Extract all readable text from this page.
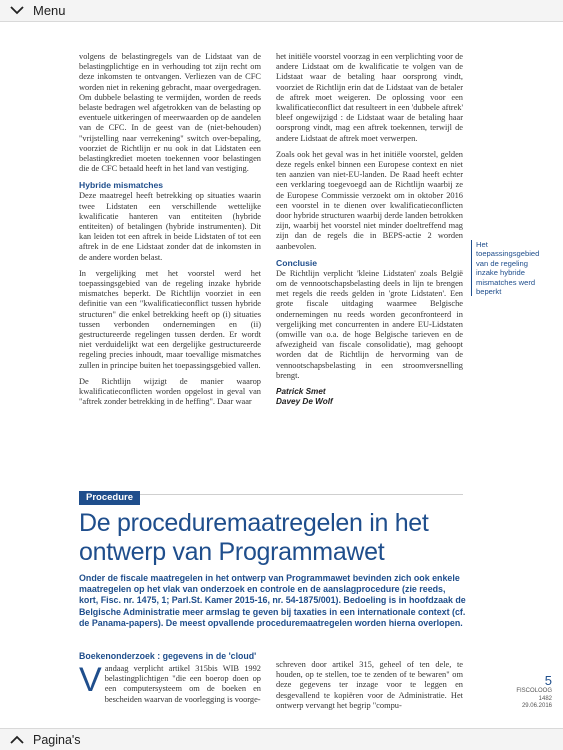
Menu

volgens de belastingregels van de Lidstaat van de belastingplichtige en in verhouding tot zijn recht om deze inkomsten te ontvangen. Verliezen van de CFC worden niet in rekening gebracht, maar overgedragen. Om dubbele belasting te vermijden, worden de reeds belaste bedragen wel afgetrokken van de belasting op eventuele uitkeringen of meerwaarden op de aandelen van de CFC. In de geest van de (niet-behouden) "vrijstelling naar verrekening" switch over-bepaling, voorziet de Richtlijn er nu ook in dat Lidstaten een belastingkrediet moeten toekennen voor belastingen die de CFC betaald heeft in het land van vestiging.

Hybride mismatches

Deze maatregel heeft betrekking op situaties waarin twee Lidstaten een verschillende wettelijke kwalificatie hanteren van entiteiten (hybride entiteiten) of betalingen (hybride instrumenten). Dit kan leiden tot een aftrek in beide Lidstaten of tot een aftrek in de ene Lidstaat zonder dat de inkomsten in de andere worden belast.

In vergelijking met het voorstel werd het toepassingsgebied van de regeling inzake hybride mismatches beperkt. De Richtlijn voorziet in een definitie van een "kwalificatieconflict tussen hybride structuren" die enkel betrekking heeft op (i) situaties tussen verbonden ondernemingen en (ii) gestructureerde regelingen tussen derden. Er wordt niet verduidelijkt wat een dergelijke gestructureerde regeling precies inhoudt, maar toevallige mismatches zullen in principe buiten het toepassingsgebied vallen.

De Richtlijn wijzigt de manier waarop kwalificatieconflicten worden opgelost in geval van "aftrek zonder betrekking in de heffing". Daar waar

het initiële voorstel voorzag in een verplichting voor de andere Lidstaat om de kwalificatie te volgen van de Lidstaat waar de betaling haar oorsprong vindt, voorziet de Richtlijn erin dat de Lidstaat van de betaler de aftrek moet weigeren. De oplossing voor een kwalificatieconflict dat resulteert in een 'dubbele aftrek' bleef ongewijzigd : de Lidstaat waar de betaling haar oorsprong vindt, mag een aftrek toekennen, terwijl de andere Lidstaat de aftrek moet verwerpen.

Zoals ook het geval was in het initiële voorstel, gelden deze regels enkel binnen een Europese context en niet ten aanzien van niet-EU-landen. De Raad heeft echter een verklaring toegevoegd aan de Richtlijn waarbij ze de Europese Commissie verzoekt om in oktober 2016 een voorstel in te dienen over kwalificatieconflicten door hybride structuren waarbij derde landen betrokken zijn, waarbij het voorstel niet minder doeltreffend mag zijn dan de regels die in BEPS-actie 2 worden aanbevolen.

Conclusie

De Richtlijn verplicht 'kleine Lidstaten' zoals België om de vennootschapsbelasting deels in lijn te brengen met regels die reeds gelden in 'grote Lidstaten'. Een grote fiscale uitdaging waarmee Belgische ondernemingen nu reeds worden geconfronteerd in vergelijking met concurrenten in andere EU-Lidstaten (omwille van o.a. de hoge Belgische tarieven en de afwezigheid van fiscale consolidatie), mag gehoopt worden dat de Richtlijn de hervorming van de vennootschapsbelasting in een stroomversnelling brengt.

Patrick Smet
Davey De Wolf
Het toepassingsgebied van de regeling inzake hybride mismatches werd beperkt
Procedure
De proceduremaatregelen in het ontwerp van Programmawet
Onder de fiscale maatregelen in het ontwerp van Programmawet bevinden zich ook enkele maatregelen op het vlak van onderzoek en controle en de aanslagprocedure (zie reeds, kort, Fisc. nr. 1475, 1; Parl.St. Kamer 2015-16, nr. 54-1875/001). Bedoeling is in hoofdzaak de Belgische Administratie meer armslag te geven bij taxaties in een internationale context (cf. de Panama-papers). De meest opvallende proceduremaatregelen worden hierna overlopen.
Boekenonderzoek : gegevens in de 'cloud'
V andaag verplicht artikel 315bis WIB 1992 belastingplichtigen "die een boerop doen op een computersysteem om de boeken en bescheiden waarvan de voorlegging is voorge-
schreven door artikel 315, geheel of ten dele, te houden, op te stellen, toe te zenden of te bewaren" om deze gegevens ter inzage voor te leggen en desgevallend te kopiëren voor de Administratie. Het ontwerp vervangt het begrip "compu-
5
FISCOLOOG
1482
29.06.2016
Pagina's
